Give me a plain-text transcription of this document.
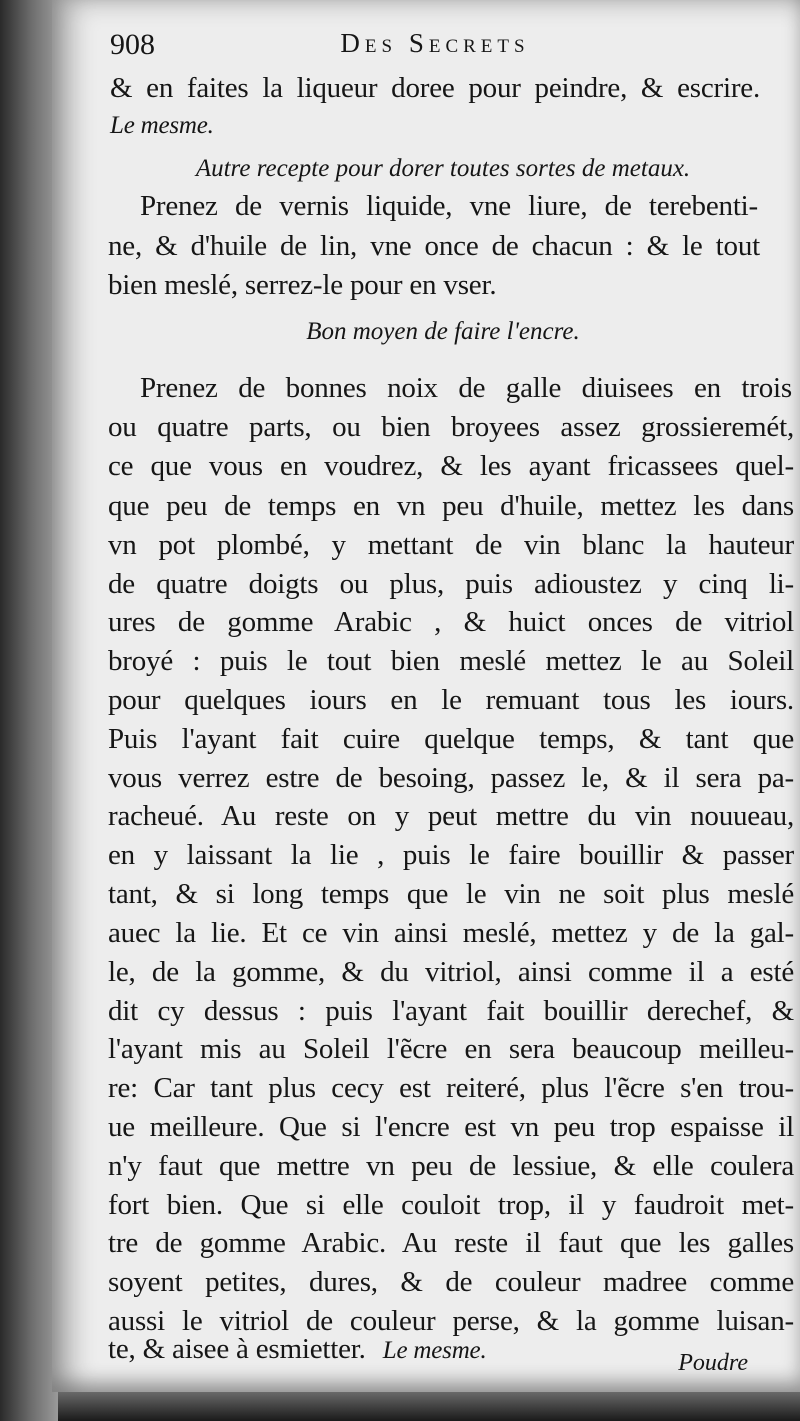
908	Des Secrets
& en faites la liqueur doree pour peindre, & escrire.
Le mesme.
Autre recepte pour dorer toutes sortes de metaux.
Prenez de vernis liquide, vne liure, de terebenti-
ne, & d'huile de lin, vne once de chacun : & le tout
bien meslé, serrez-le pour en vser.
Bon moyen de faire l'encre.
Prenez de bonnes noix de galle diuisees en trois
ou quatre parts, ou bien broyees assez grossieremét,
ce que vous en voudrez, & les ayant fricassees quel-
que peu de temps en vn peu d'huile, mettez les dans
vn pot plombé, y mettant de vin blanc la hauteur
de quatre doigts ou plus, puis adioustez y cinq li-
ures de gomme Arabic , & huict onces de vitriol
broyé : puis le tout bien meslé mettez le au Soleil
pour quelques iours en le remuant tous les iours.
Puis l'ayant fait cuire quelque temps, & tant que
vous verrez estre de besoing, passez le, & il sera pa-
racheué. Au reste on y peut mettre du vin nouueau,
en y laissant la lie , puis le faire bouillir & passer
tant, & si long temps que le vin ne soit plus meslé
auec la lie. Et ce vin ainsi meslé, mettez y de la gal-
le, de la gomme, & du vitriol, ainsi comme il a esté
dit cy dessus : puis l'ayant fait bouillir derechef, &
l'ayant mis au Soleil l'ẽcre en sera beaucoup meilleu-
re: Car tant plus cecy est reiteré, plus l'ẽcre s'en trou-
ue meilleure. Que si l'encre est vn peu trop espaisse il
n'y faut que mettre vn peu de lessiue, & elle coulera
fort bien. Que si elle couloit trop, il y faudroit met-
tre de gomme Arabic. Au reste il faut que les galles
soyent petites, dures, & de couleur madree comme
aussi le vitriol de couleur perse, & la gomme luisan-
te, & aisee à esmietter. Le mesme.	Poudre
